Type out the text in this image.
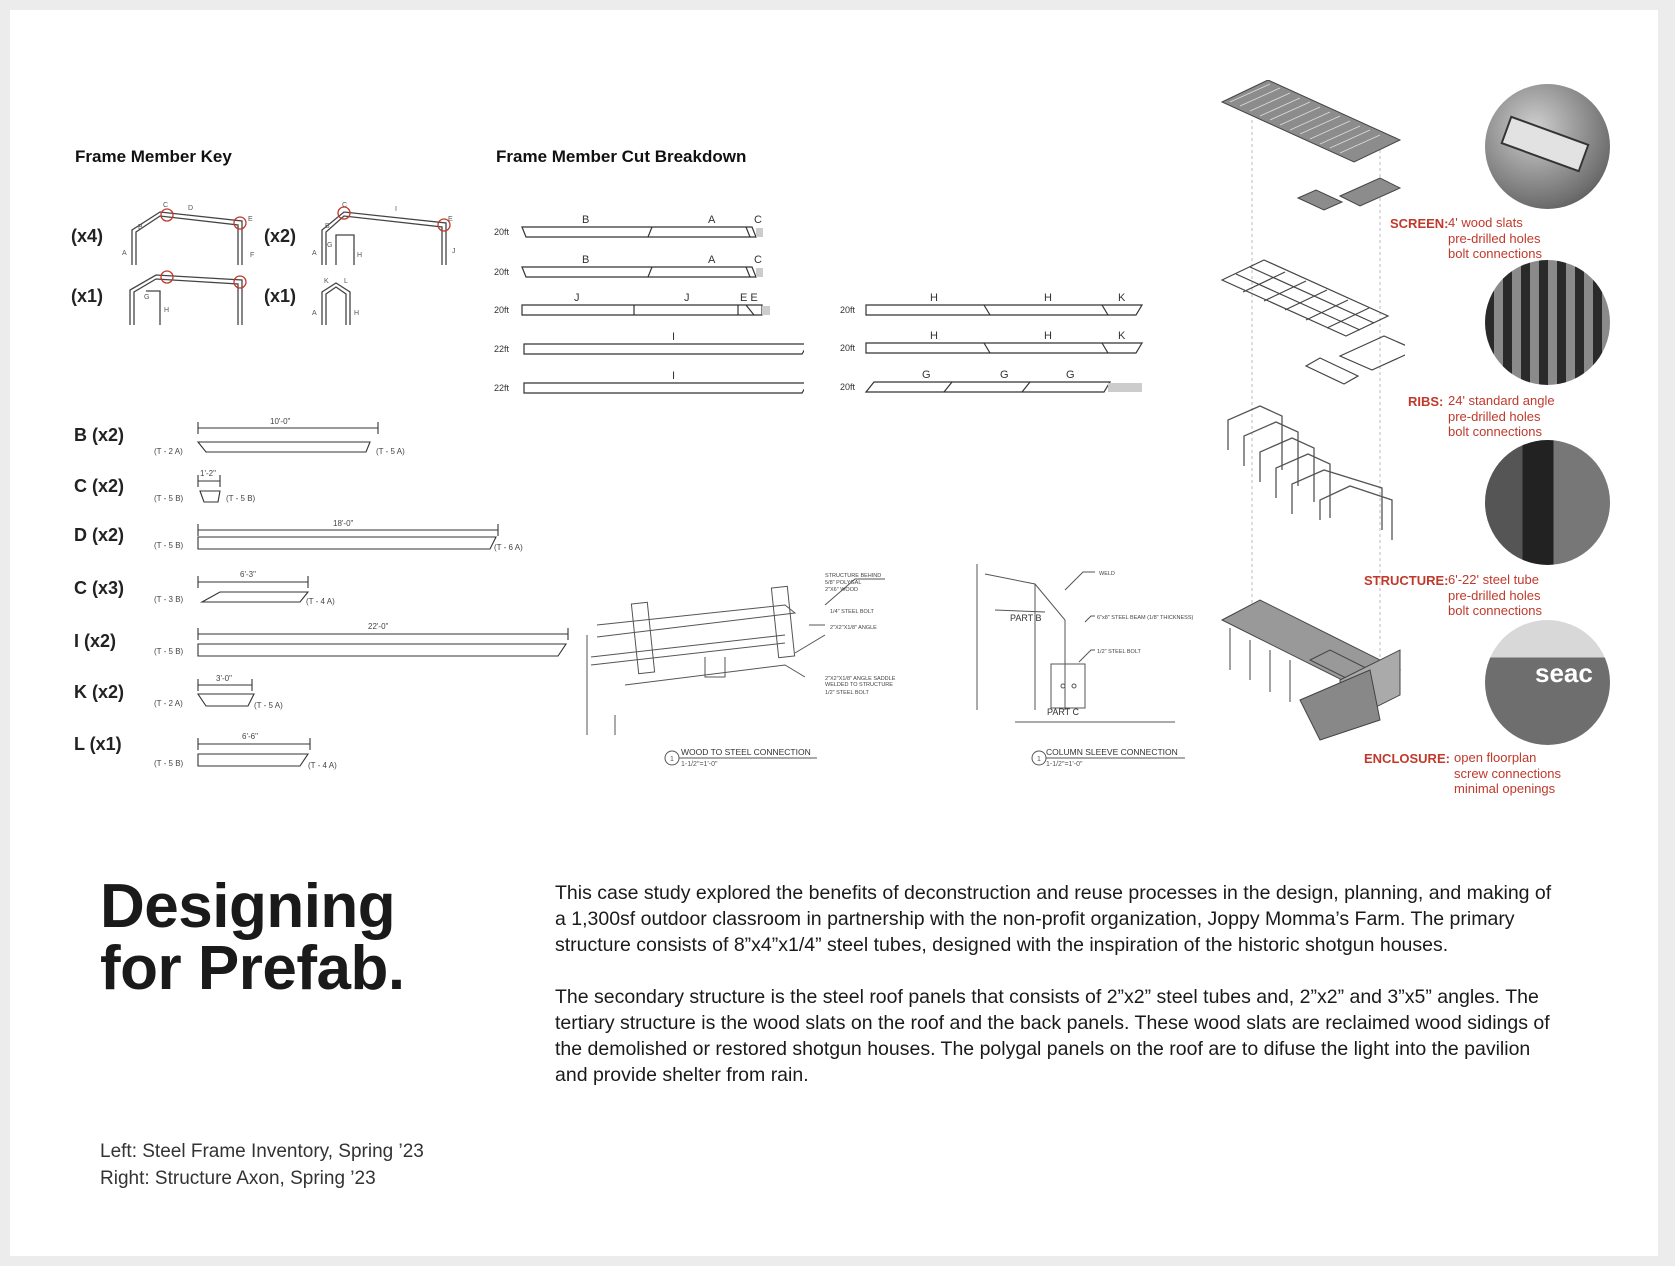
Frame Member Key	Frame Member Cut Breakdown
(x4)	(x2)
(x1)	(x1)
B
C	D
A
E
F
B
C
G
I
A	H
E
J
G
H
K L
A	H
20ft
20ft
20ft
22ft
22ft
B	A	C
B	A	C
J	J	E E
I
I
20ft
20ft
20ft
H	H	K
H	H	K
G	G	G
B (x2)
C (x2)
D (x2)
C (x3)
I (x2)
K (x2)
L (x1)
10'-0"
(T - 2 A)	(T - 5 A)
1'-2"
(T - 5 B)	(T - 5 B)
18'-0"
(T - 5 B)	(T - 6 A)
6'-3"
(T - 3 B)	(T - 4 A)
22'-0"
(T - 5 B)
3'-0"
(T - 2 A)	(T - 5 A)
6'-6"
(T - 5 B)	(T - 4 A)
STRUCTURE BEHIND
5/8" POLYGAL
2"X6" WOOD
1/4" STEEL BOLT
2"X2"X1/8" ANGLE
2"X2"X1/8" ANGLE SADDLE
WELDED TO STRUCTURE
1/2" STEEL BOLT
1
WOOD TO STEEL CONNECTION
1-1/2"=1'-0"
WELD
6"x8" STEEL BEAM (1/8" THICKNESS)
1/2" STEEL BOLT
PART B
PART C
1
COLUMN SLEEVE CONNECTION
1-1/2"=1'-0"
seac
SCREEN: 4' wood slats
pre-drilled holes
bolt connections
RIBS: 24' standard angle
pre-drilled holes
bolt connections
STRUCTURE: 6'-22' steel tube
pre-drilled holes
bolt connections
ENCLOSURE: open floorplan
screw connections
minimal openings
Designing
for Prefab.

This case study explored the benefits of deconstruction and reuse processes in the design, planning, and making of a 1,300sf outdoor classroom in partnership with the non-profit organization, Joppy Momma’s Farm. The primary structure consists of 8”x4”x1/4” steel tubes, designed with the inspiration of the historic shotgun houses.

The secondary structure is the steel roof panels that consists of 2”x2” steel tubes and, 2”x2” and 3”x5” angles. The tertiary structure is the wood slats on the roof and the back panels. These wood slats are reclaimed wood sidings of the demolished or restored shotgun houses. The polygal panels on the roof are to difuse the light into the pavilion and provide shelter from rain.

Left: Steel Frame Inventory, Spring ’23
Right: Structure Axon, Spring ’23
